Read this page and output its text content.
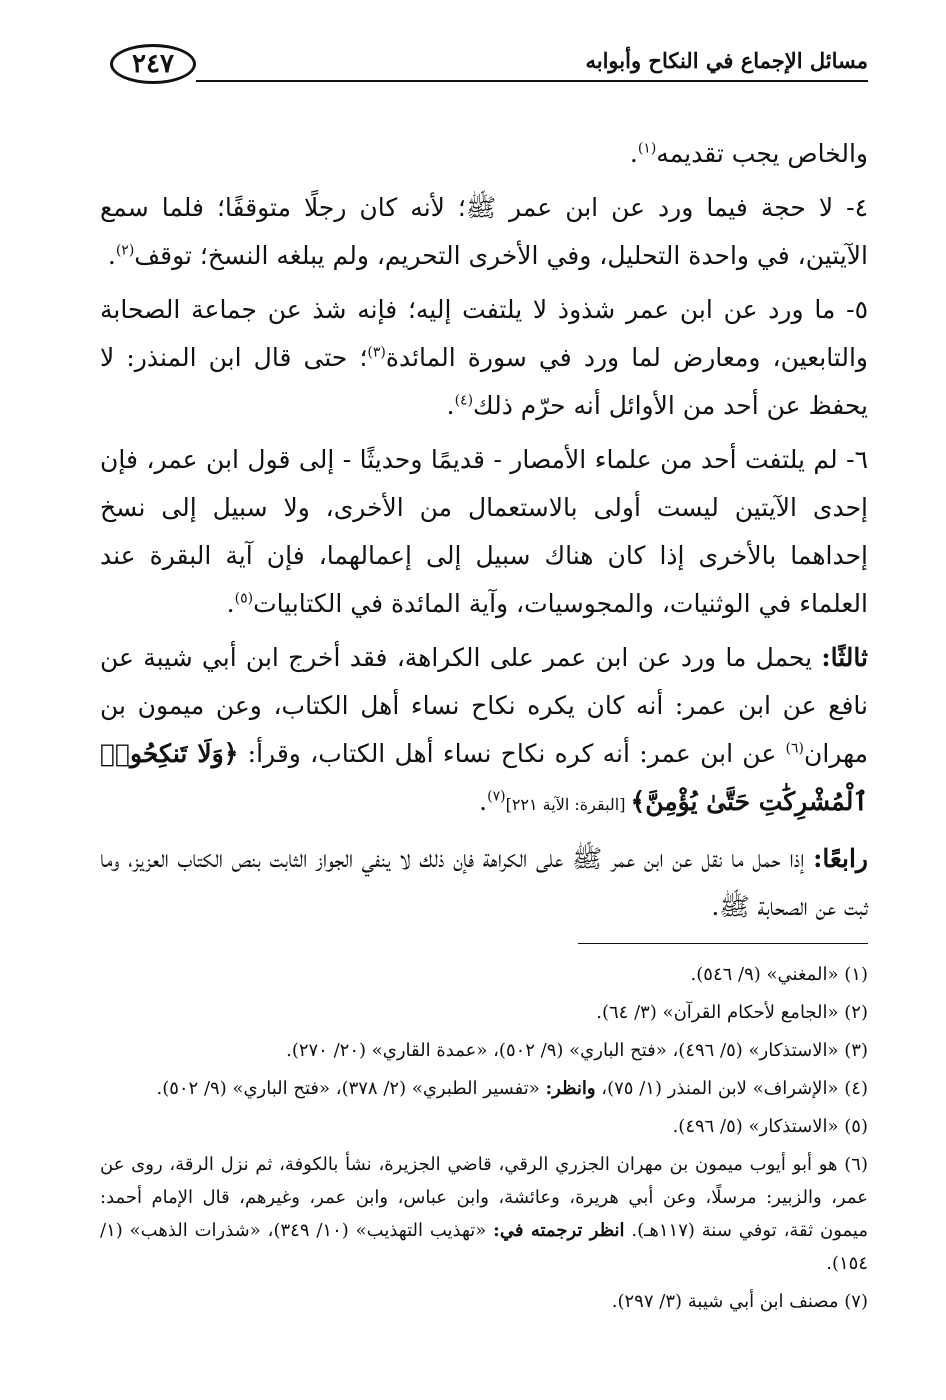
مسائل الإجماع في النكاح وأبوابه
٢٤٧

والخاص يجب تقديمه$^{(١)}$.

٤- لا حجة فيما ورد عن ابن عمر ﷺ؛ لأنه كان رجلًا متوقفًا؛ فلما سمع الآيتين، في واحدة التحليل، وفي الأخرى التحريم، ولم يبلغه النسخ؛ توقف$^{(٢)}$.

٥- ما ورد عن ابن عمر شذوذ لا يلتفت إليه؛ فإنه شذ عن جماعة الصحابة والتابعين، ومعارض لما ورد في سورة المائدة$^{(٣)}$؛ حتى قال ابن المنذر: لا يحفظ عن أحد من الأوائل أنه حرّم ذلك$^{(٤)}$.

٦- لم يلتفت أحد من علماء الأمصار - قديمًا وحديثًا - إلى قول ابن عمر، فإن إحدى الآيتين ليست أولى بالاستعمال من الأخرى، ولا سبيل إلى نسخ إحداهما بالأخرى إذا كان هناك سبيل إلى إعمالهما، فإن آية البقرة عند العلماء في الوثنيات، والمجوسيات، وآية المائدة في الكتابيات$^{(٥)}$.

ثالثًا: يحمل ما ورد عن ابن عمر على الكراهة، فقد أخرج ابن أبي شيبة عن نافع عن ابن عمر: أنه كان يكره نكاح نساء أهل الكتاب، وعن ميمون بن مهران$^{(٦)}$ عن ابن عمر: أنه كره نكاح نساء أهل الكتاب، وقرأ: ﴿وَلَا تَنكِحُوا۟ ٱلْمُشْرِكَٰتِ حَتَّىٰ يُؤْمِنَّ﴾ [البقرة: الآية ٢٢١]$^{(٧)}$.

رابعًا: إذا حمل ما نقل عن ابن عمر ﷺ على الكراهة فإن ذلك لا ينفي الجواز الثابت بنص الكتاب العزيز، وما ثبت عن الصحابة ﷺ.

(١) «المغني» (٩/ ٥٤٦).
(٢) «الجامع لأحكام القرآن» (٣/ ٦٤).
(٣) «الاستذكار» (٥/ ٤٩٦)، «فتح الباري» (٩/ ٥٠٢)، «عمدة القاري» (٢٠/ ٢٧٠).
(٤) «الإشراف» لابن المنذر (١/ ٧٥)، وانظر: «تفسير الطبري» (٢/ ٣٧٨)، «فتح الباري» (٩/ ٥٠٢).
(٥) «الاستذكار» (٥/ ٤٩٦).
(٦) هو أبو أيوب ميمون بن مهران الجزري الرقي، قاضي الجزيرة، نشأ بالكوفة، ثم نزل الرقة، روى عن عمر، والزبير: مرسلًا، وعن أبي هريرة، وعائشة، وابن عباس، وابن عمر، وغيرهم، قال الإمام أحمد: ميمون ثقة، توفي سنة (١١٧هـ). انظر ترجمته في: «تهذيب التهذيب» (١٠/ ٣٤٩)، «شذرات الذهب» (١/ ١٥٤).
(٧) مصنف ابن أبي شيبة (٣/ ٢٩٧).
